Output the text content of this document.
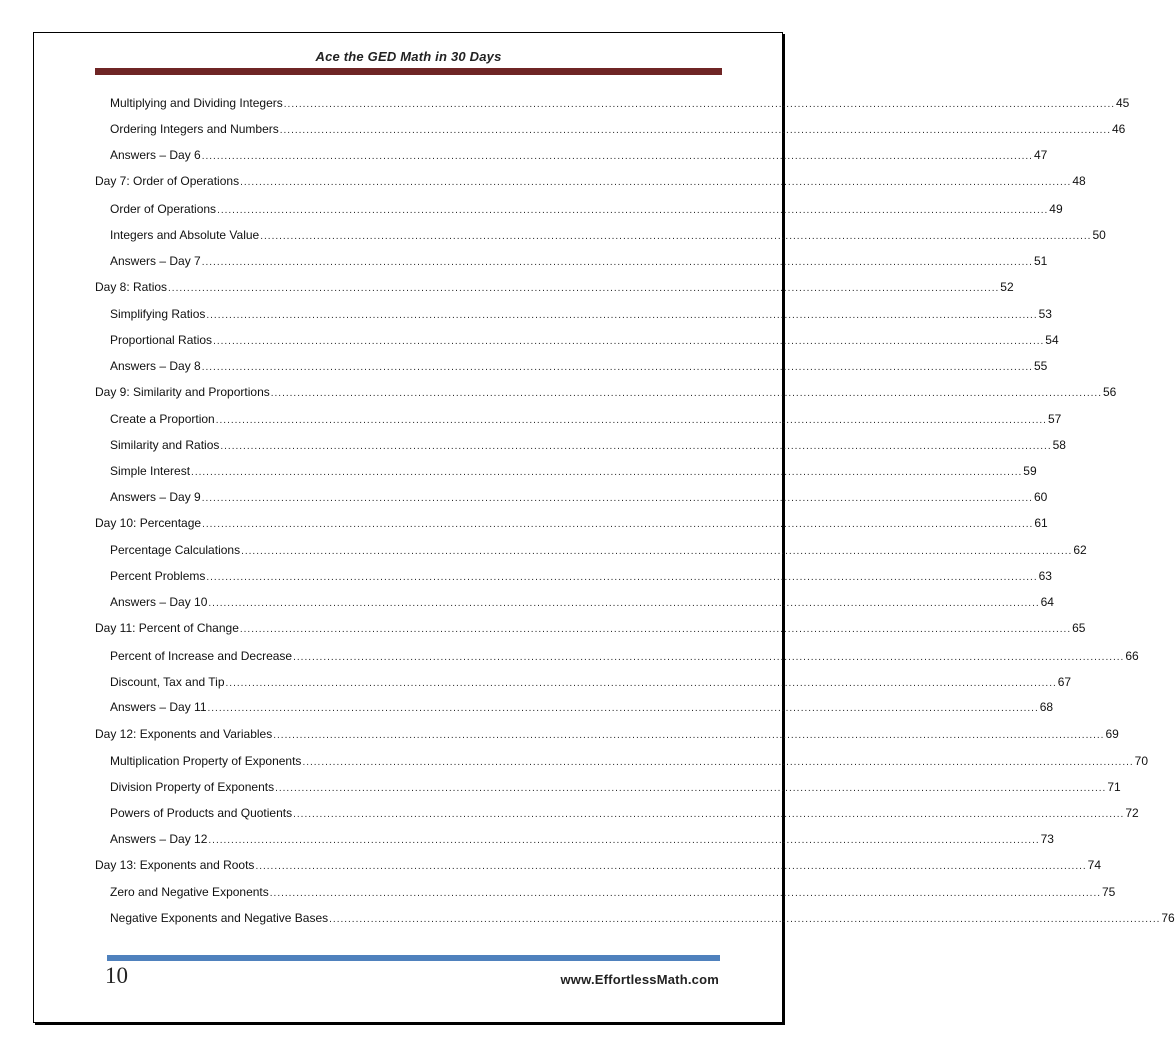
Ace the GED Math in 30 Days
Multiplying and Dividing Integers ............................................................................................................................................................................................................................ 45
Ordering Integers and Numbers ............................................................................................................................................................................................................................ 46
Answers – Day 6 ............................................................................................................................................................................................................................ 47
Day 7: Order of Operations ............................................................................................................................................................................................................................ 48
Order of Operations ............................................................................................................................................................................................................................ 49
Integers and Absolute Value ............................................................................................................................................................................................................................ 50
Answers – Day 7 ............................................................................................................................................................................................................................ 51
Day 8: Ratios ............................................................................................................................................................................................................................ 52
Simplifying Ratios ............................................................................................................................................................................................................................ 53
Proportional Ratios ............................................................................................................................................................................................................................ 54
Answers – Day 8 ............................................................................................................................................................................................................................ 55
Day 9: Similarity and Proportions ............................................................................................................................................................................................................................ 56
Create a Proportion ............................................................................................................................................................................................................................ 57
Similarity and Ratios ............................................................................................................................................................................................................................ 58
Simple Interest ............................................................................................................................................................................................................................ 59
Answers – Day 9 ............................................................................................................................................................................................................................ 60
Day 10: Percentage ............................................................................................................................................................................................................................ 61
Percentage Calculations ............................................................................................................................................................................................................................ 62
Percent Problems ............................................................................................................................................................................................................................ 63
Answers – Day 10 ............................................................................................................................................................................................................................ 64
Day 11: Percent of Change ............................................................................................................................................................................................................................ 65
Percent of Increase and Decrease ............................................................................................................................................................................................................................ 66
Discount, Tax and Tip ............................................................................................................................................................................................................................ 67
Answers – Day 11 ............................................................................................................................................................................................................................ 68
Day 12: Exponents and Variables ............................................................................................................................................................................................................................ 69
Multiplication Property of Exponents ............................................................................................................................................................................................................................ 70
Division Property of Exponents ............................................................................................................................................................................................................................ 71
Powers of Products and Quotients ............................................................................................................................................................................................................................ 72
Answers – Day 12 ............................................................................................................................................................................................................................ 73
Day 13: Exponents and Roots ............................................................................................................................................................................................................................ 74
Zero and Negative Exponents ............................................................................................................................................................................................................................ 75
Negative Exponents and Negative Bases ............................................................................................................................................................................................................................ 76
10	www.EffortlessMath.com
